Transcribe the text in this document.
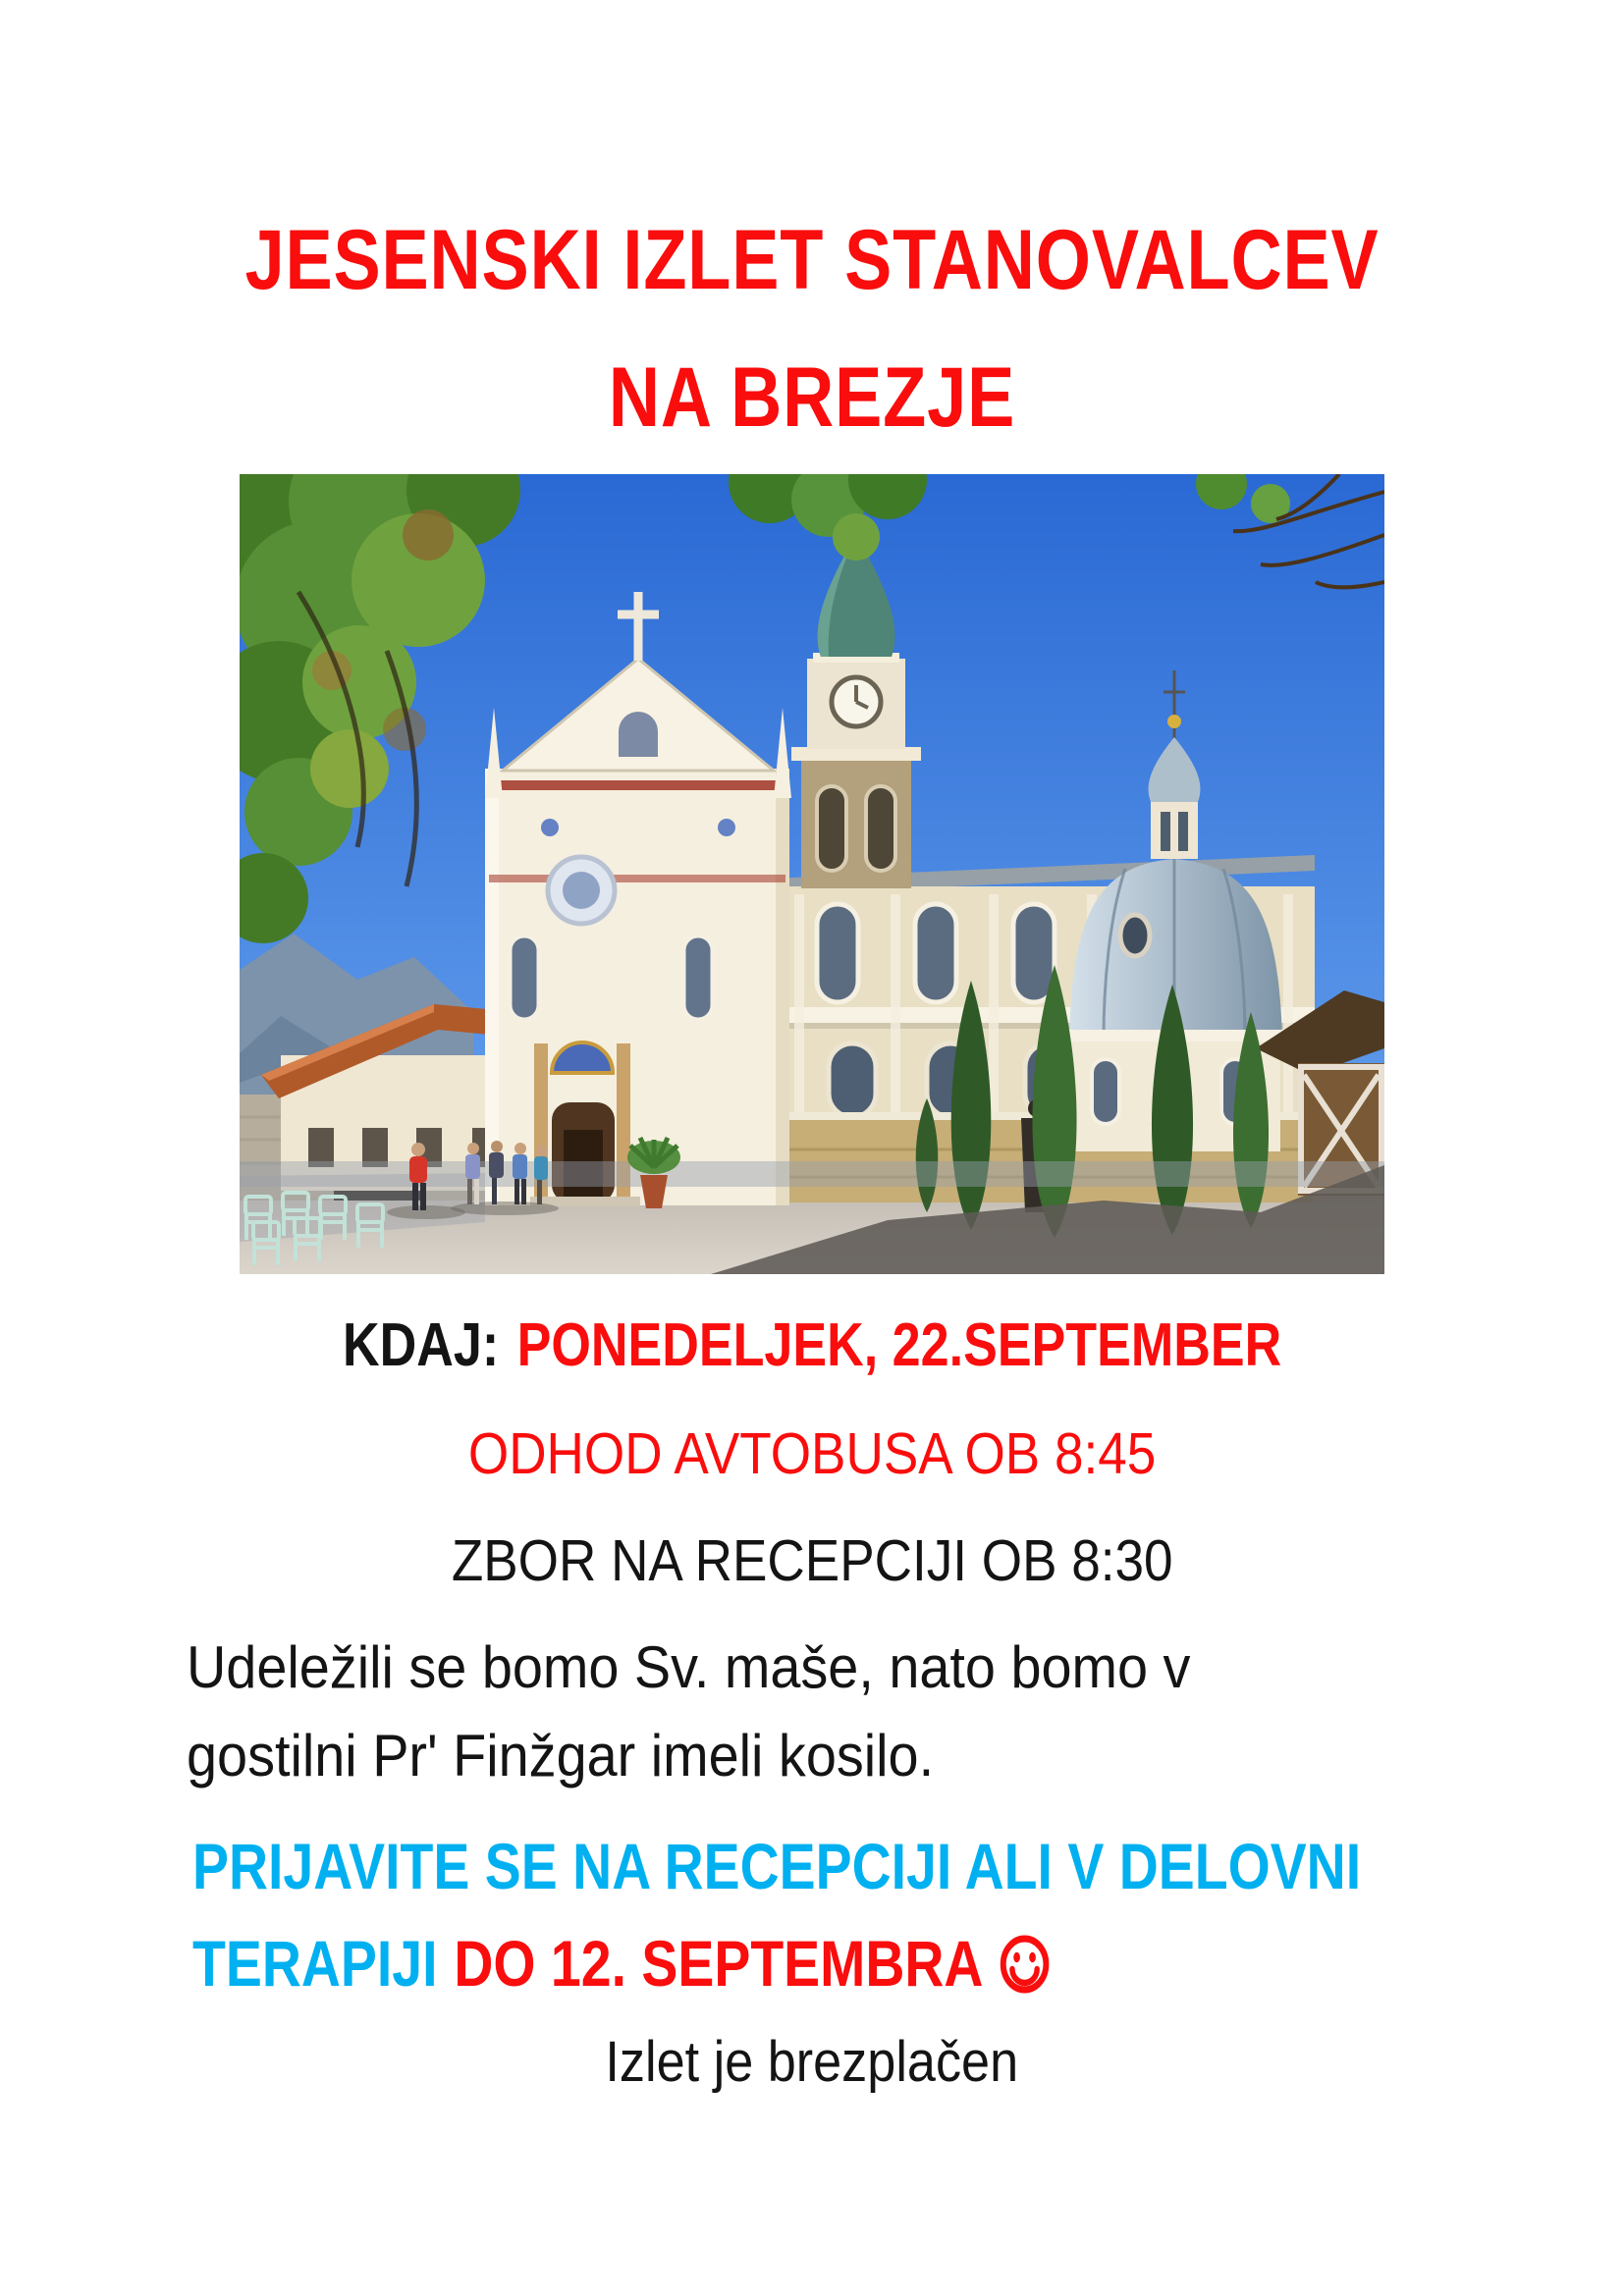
JESENSKI IZLET STANOVALCEV
NA BREZJE
KDAJ: PONEDELJEK, 22.SEPTEMBER
ODHOD AVTOBUSA OB 8:45
ZBOR NA RECEPCIJI OB 8:30
Udeležili se bomo Sv. maše, nato bomo v
gostilni Pr' Finžgar imeli kosilo.
PRIJAVITE SE NA RECEPCIJI ALI V DELOVNI
TERAPIJI DO 12. SEPTEMBRA
Izlet je brezplačen
